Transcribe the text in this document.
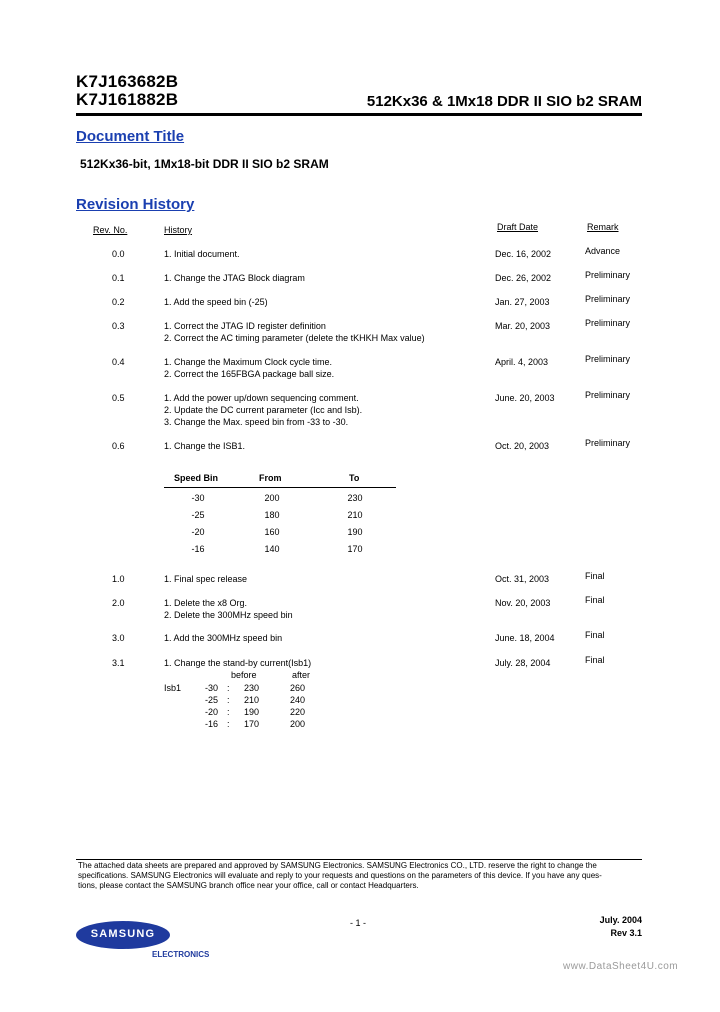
K7J163682B
K7J161882B	512Kx36 & 1Mx18 DDR II SIO b2 SRAM
Document Title
512Kx36-bit, 1Mx18-bit DDR II SIO b2 SRAM
Revision History
Rev. No.	History	Draft Date	Remark
0.0	1. Initial document.	Dec. 16, 2002	Advance
0.1	1. Change the JTAG Block diagram	Dec. 26, 2002	Preliminary
0.2	1. Add the speed bin (-25)	Jan. 27, 2003	Preliminary
0.3	1. Correct the JTAG ID register definition
2. Correct the AC timing parameter (delete the tKHKH Max value)
Mar. 20, 2003	Preliminary
0.4	1. Change the Maximum Clock cycle time.
2. Correct the 165FBGA package ball size.
April. 4, 2003	Preliminary
0.5	1. Add the power up/down sequencing comment.
2. Update the DC current parameter (Icc and Isb).
3. Change the Max. speed bin from -33 to -30.
June. 20, 2003	Preliminary
0.6	1. Change the ISB1.	Oct. 20, 2003	Preliminary
1.0	1. Final spec release	Oct. 31, 2003	Final
2.0	1. Delete the x8 Org.
2. Delete the 300MHz speed bin
Nov. 20, 2003	Final
3.0	1. Add the 300MHz speed bin	June. 18, 2004	Final
3.1	1. Change the stand-by current(Isb1)	July. 28, 2004	Final
Speed Bin	From	To
-30	200	230
-25	180	210
-20	160	190
-16	140	170
before	after
Isb1	-30 : 230	260
-25 : 210	240
-20 : 190	220
-16 : 170	200
The attached data sheets are prepared and approved by SAMSUNG Electronics. SAMSUNG Electronics CO., LTD. reserve the right to change the
specifications. SAMSUNG Electronics will evaluate and reply to your requests and questions on the parameters of this device. If you have any ques-
tions, please contact the SAMSUNG branch office near your office, call or contact Headquarters.
SAMSUNG
ELECTRONICS
- 1 -	July. 2004
Rev 3.1
www.DataSheet4U.com
